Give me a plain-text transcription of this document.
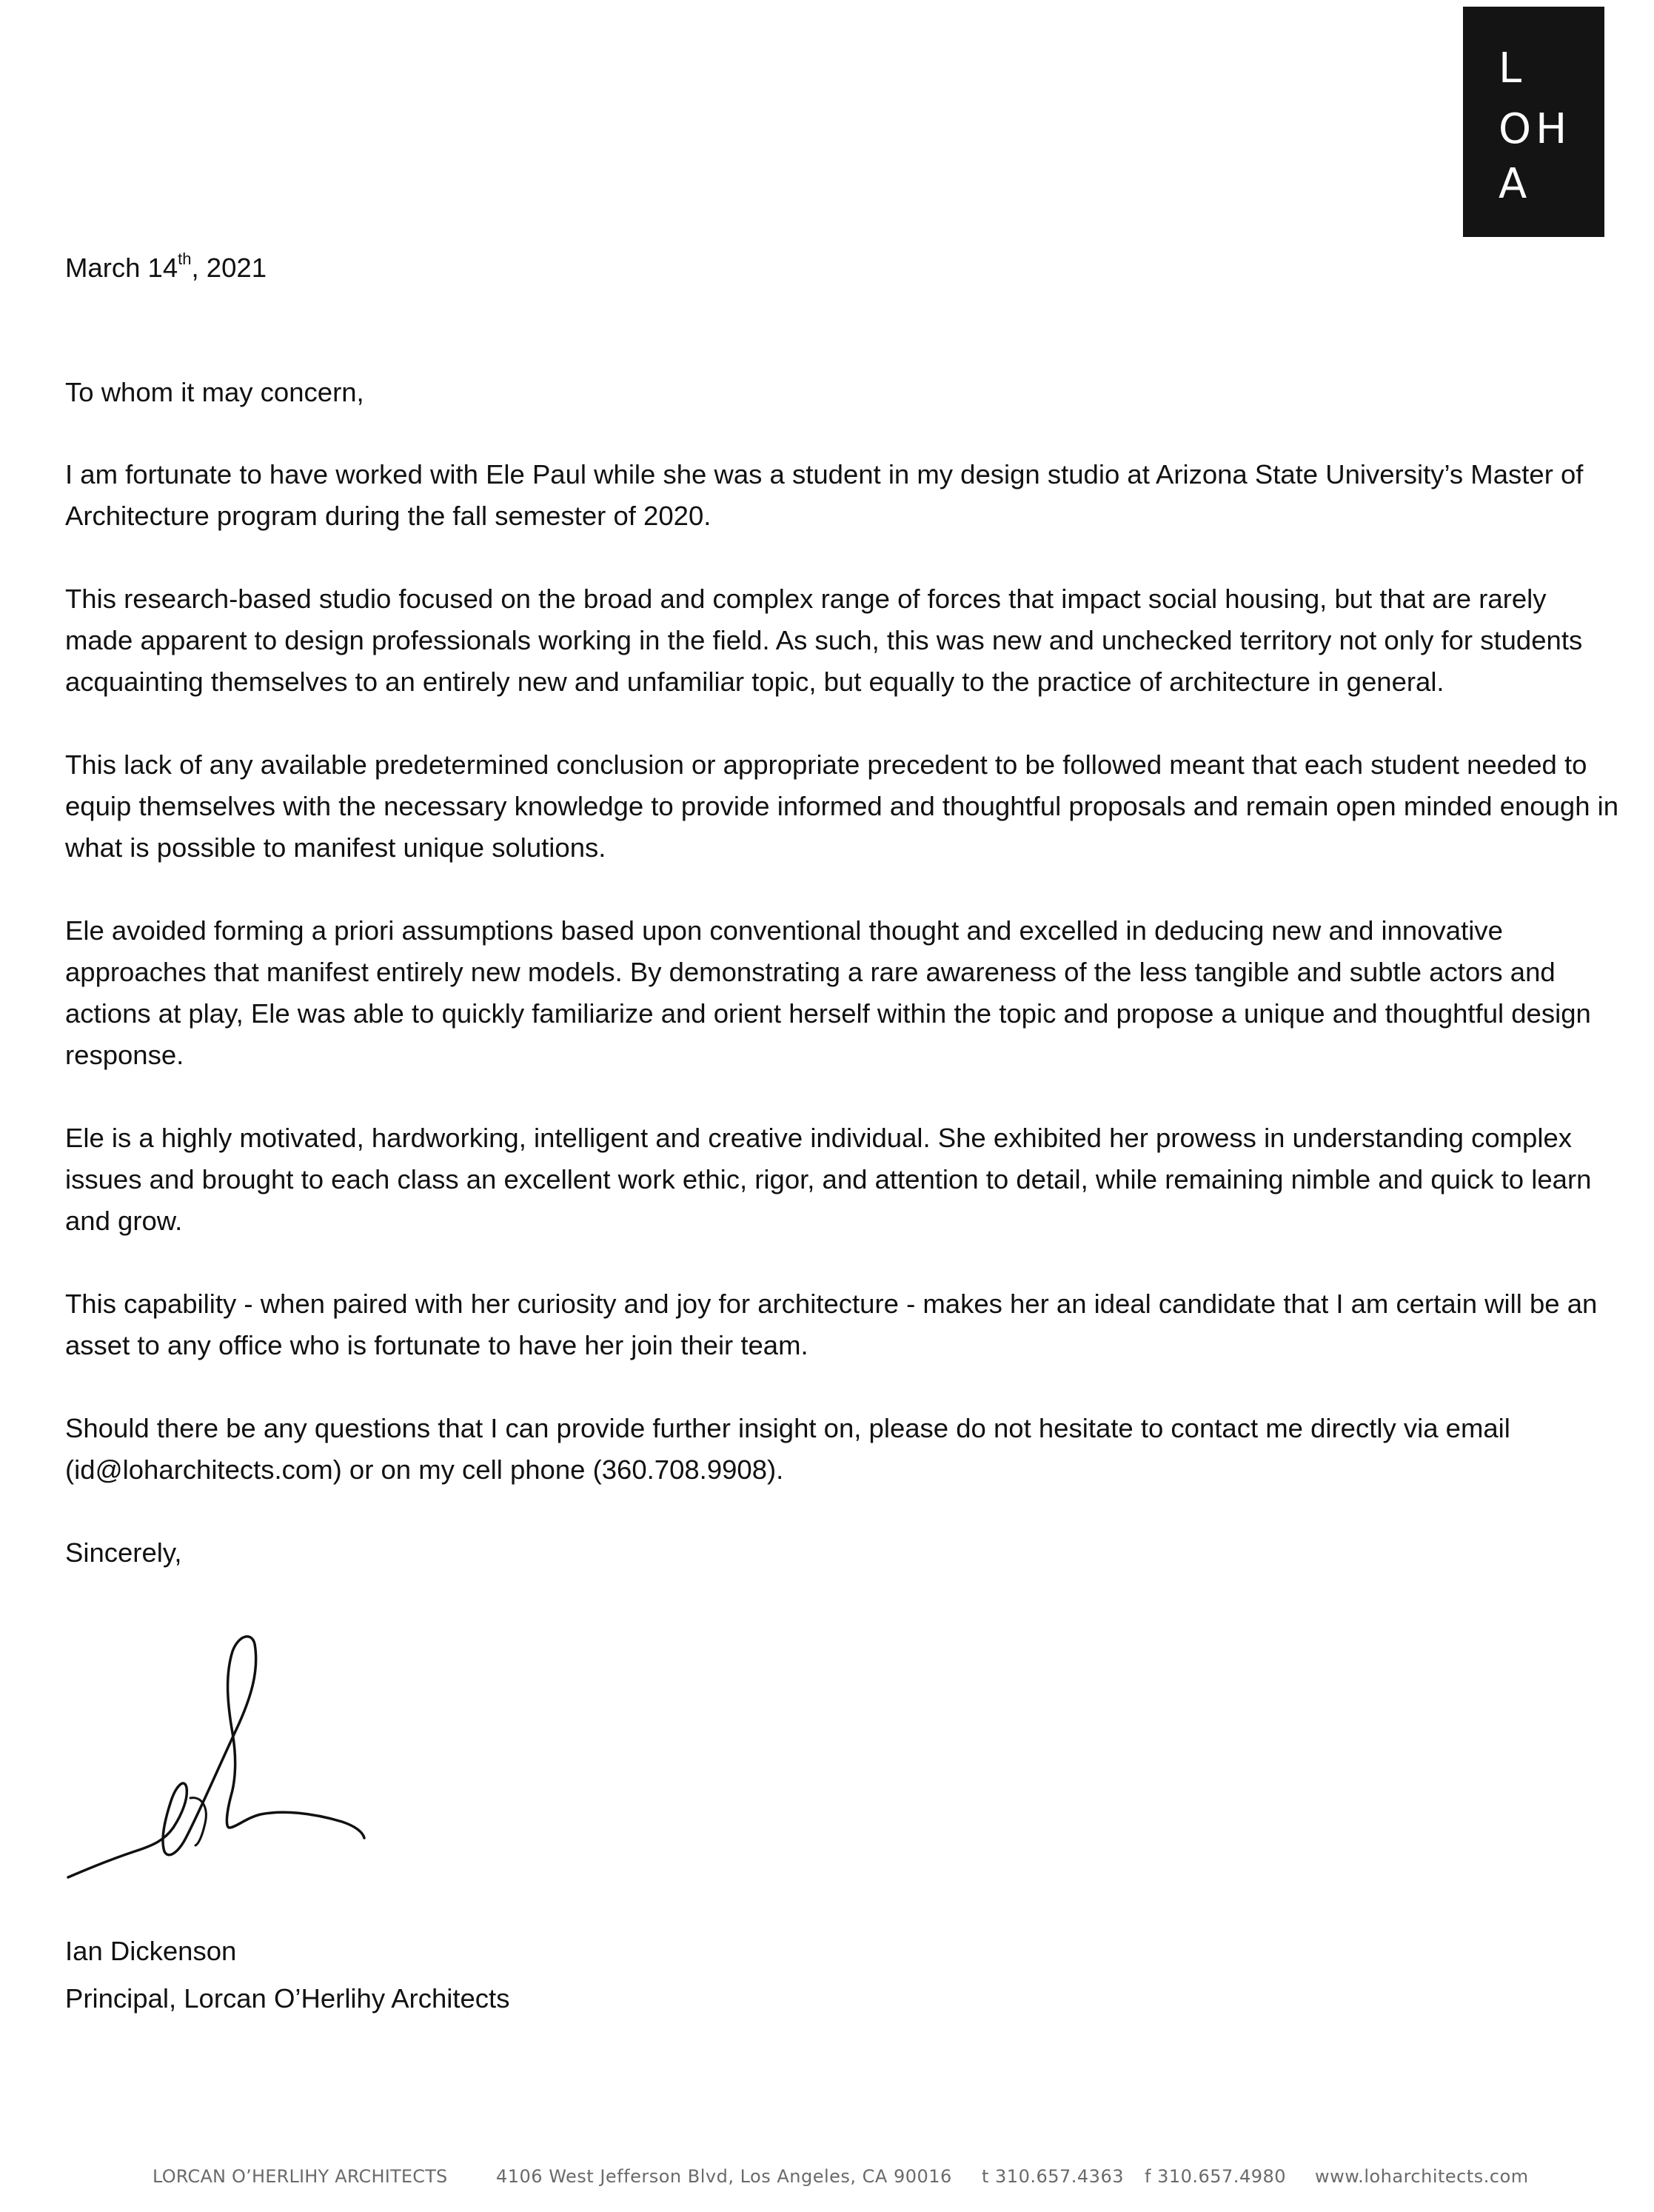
L
OH
A
March 14th, 2021
To whom it may concern,

I am fortunate to have worked with Ele Paul while she was a student in my design studio at Arizona State University’s Master of Architecture program during the fall semester of 2020.

This research-based studio focused on the broad and complex range of forces that impact social housing, but that are rarely made apparent to design professionals working in the field. As such, this was new and unchecked territory not only for students acquainting themselves to an entirely new and unfamiliar topic, but equally to the practice of architecture in general.

This lack of any available predetermined conclusion or appropriate precedent to be followed meant that each student needed to equip themselves with the necessary knowledge to provide informed and thoughtful proposals and remain open minded enough in what is possible to manifest unique solutions.

Ele avoided forming a priori assumptions based upon conventional thought and excelled in deducing new and innovative approaches that manifest entirely new models. By demonstrating a rare awareness of the less tangible and subtle actors and actions at play, Ele was able to quickly familiarize and orient herself within the topic and propose a unique and thoughtful design response.

Ele is a highly motivated, hardworking, intelligent and creative individual. She exhibited her prowess in understanding complex issues and brought to each class an excellent work ethic, rigor, and attention to detail, while remaining nimble and quick to learn and grow.

This capability - when paired with her curiosity and joy for architecture - makes her an ideal candidate that I am certain will be an asset to any office who is fortunate to have her join their team.

Should there be any questions that I can provide further insight on, please do not hesitate to contact me directly via email (id@loharchitects.com) or on my cell phone (360.708.9908).

Sincerely,
Ian Dickenson
Principal, Lorcan O’Herlihy Architects
LORCAN O’HERLIHY ARCHITECTS	4106 West Jefferson Blvd, Los Angeles, CA 90016 t 310.657.4363 f 310.657.4980 www.loharchitects.com
